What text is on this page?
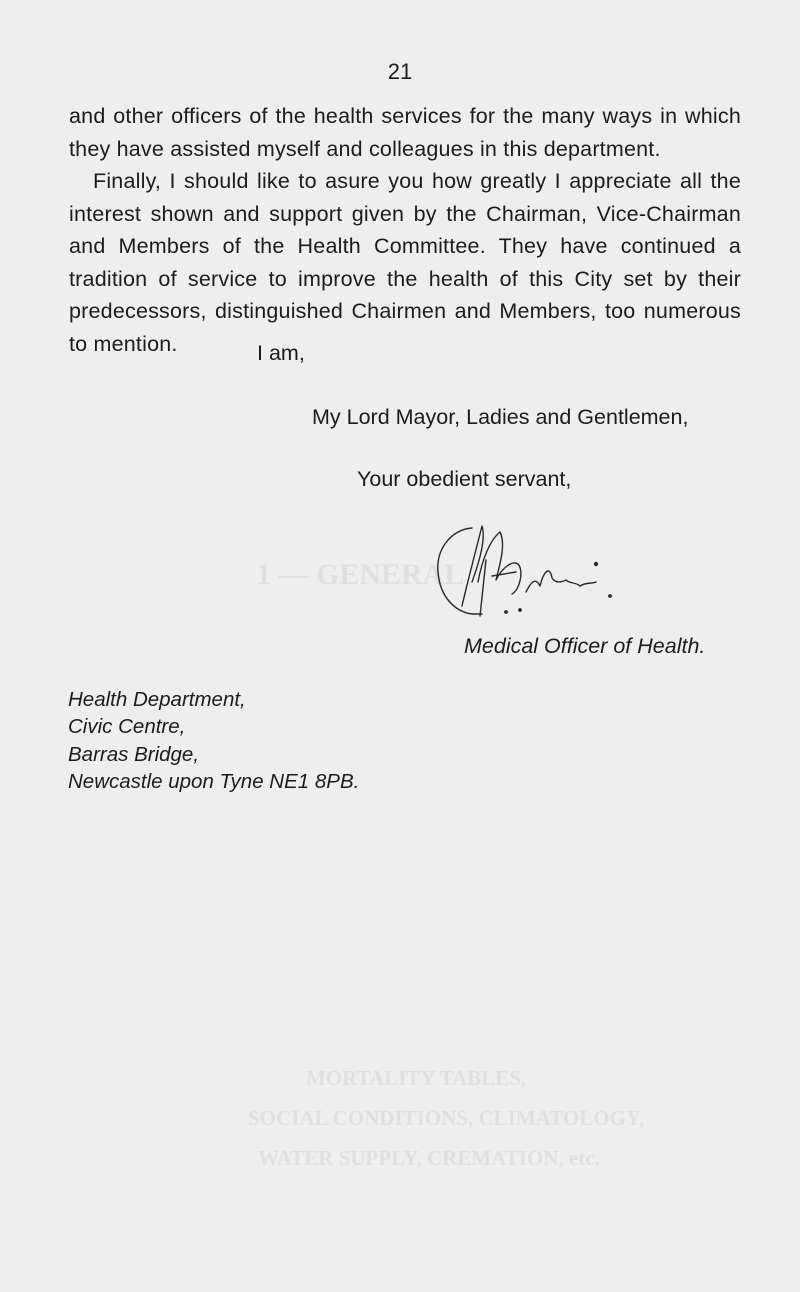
1 — GENERAL
MORTALITY TABLES,
SOCIAL CONDITIONS, CLIMATOLOGY,
WATER SUPPLY, CREMATION, etc.
21

and other officers of the health services for the many ways in which they have assisted myself and colleagues in this department.

Finally, I should like to asure you how greatly I appreciate all the interest shown and support given by the Chairman, Vice-Chairman and Members of the Health Committee. They have continued a tradition of service to improve the health of this City set by their predecessors, distinguished Chairmen and Members, too numerous to mention.	I am,
My Lord Mayor, Ladies and Gentlemen,
Your obedient servant,
Medical Officer of Health.
Health Department,
Civic Centre,
Barras Bridge,
Newcastle upon Tyne NE1 8PB.
